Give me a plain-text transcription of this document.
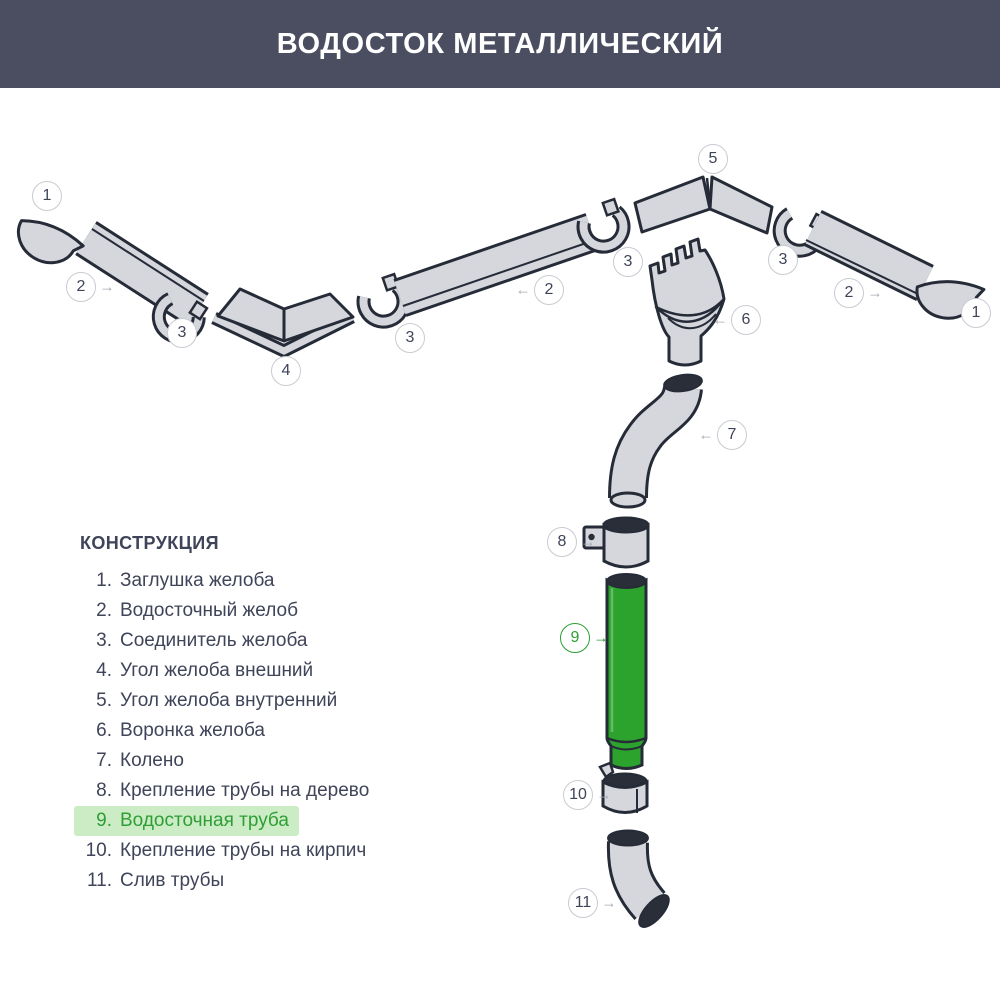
ВОДОСТОК МЕТАЛЛИЧЕСКИЙ
1
2 →
3
4
3
2
←
3
5
3
2 →
1
6
←
7
←
8 →
9 →
10 →
11 →
КОНСТРУКЦИЯ
1. Заглушка желоба
2. Водосточный желоб
3. Соединитель желоба
4. Угол желоба внешний
5. Угол желоба внутренний
6. Воронка желоба
7. Колено
8. Крепление трубы на дерево
9. Водосточная труба
10. Крепление трубы на кирпич
11. Слив трубы
